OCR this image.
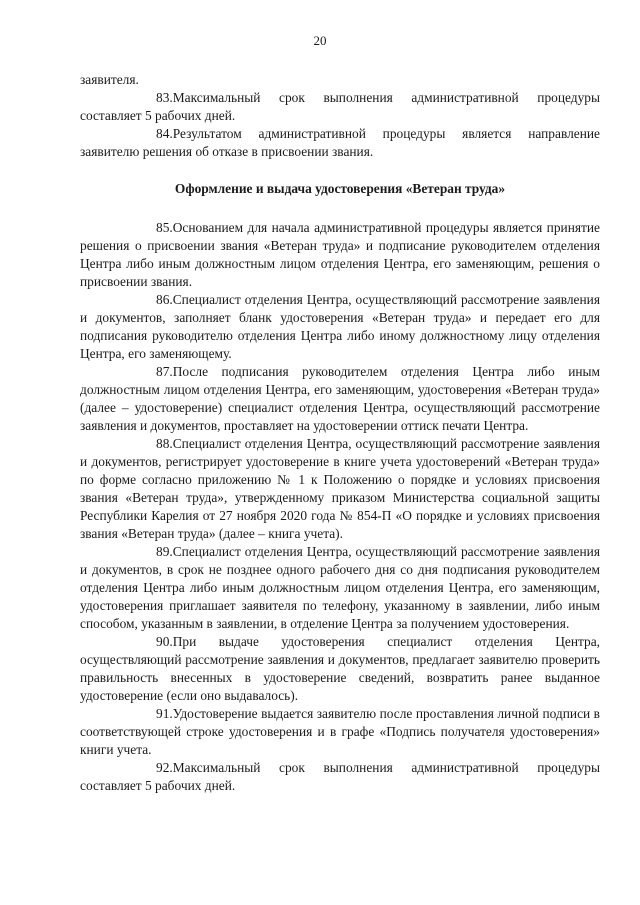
20

заявителя.

83.Максимальный срок выполнения административной процедуры составляет 5 рабочих дней.

84.Результатом административной процедуры является направление заявителю решения об отказе в присвоении звания.

Оформление и выдача удостоверения «Ветеран труда»

85.Основанием для начала административной процедуры является принятие решения о присвоении звания «Ветеран труда» и подписание руководителем отделения Центра либо иным должностным лицом отделения Центра, его заменяющим, решения о присвоении звания.

86.Специалист отделения Центра, осуществляющий рассмотрение заявления и документов, заполняет бланк удостоверения «Ветеран труда» и передает его для подписания руководителю отделения Центра либо иному должностному лицу отделения Центра, его заменяющему.

87.После подписания руководителем отделения Центра либо иным должностным лицом отделения Центра, его заменяющим, удостоверения «Ветеран труда» (далее – удостоверение) специалист отделения Центра, осуществляющий рассмотрение заявления и документов, проставляет на удостоверении оттиск печати Центра.

88.Специалист отделения Центра, осуществляющий рассмотрение заявления и документов, регистрирует удостоверение в книге учета удостоверений «Ветеран труда» по форме согласно приложению № 1 к Положению о порядке и условиях присвоения звания «Ветеран труда», утвержденному приказом Министерства социальной защиты Республики Карелия от 27 ноября 2020 года № 854-П «О порядке и условиях присвоения звания «Ветеран труда» (далее – книга учета).

89.Специалист отделения Центра, осуществляющий рассмотрение заявления и документов, в срок не позднее одного рабочего дня со дня подписания руководителем отделения Центра либо иным должностным лицом отделения Центра, его заменяющим, удостоверения приглашает заявителя по телефону, указанному в заявлении, либо иным способом, указанным в заявлении, в отделение Центра за получением удостоверения.

90.При выдаче удостоверения специалист отделения Центра, осуществляющий рассмотрение заявления и документов, предлагает заявителю проверить правильность внесенных в удостоверение сведений, возвратить ранее выданное удостоверение (если оно выдавалось).

91.Удостоверение выдается заявителю после проставления личной подписи в соответствующей строке удостоверения и в графе «Подпись получателя удостоверения» книги учета.

92.Максимальный срок выполнения административной процедуры составляет 5 рабочих дней.
